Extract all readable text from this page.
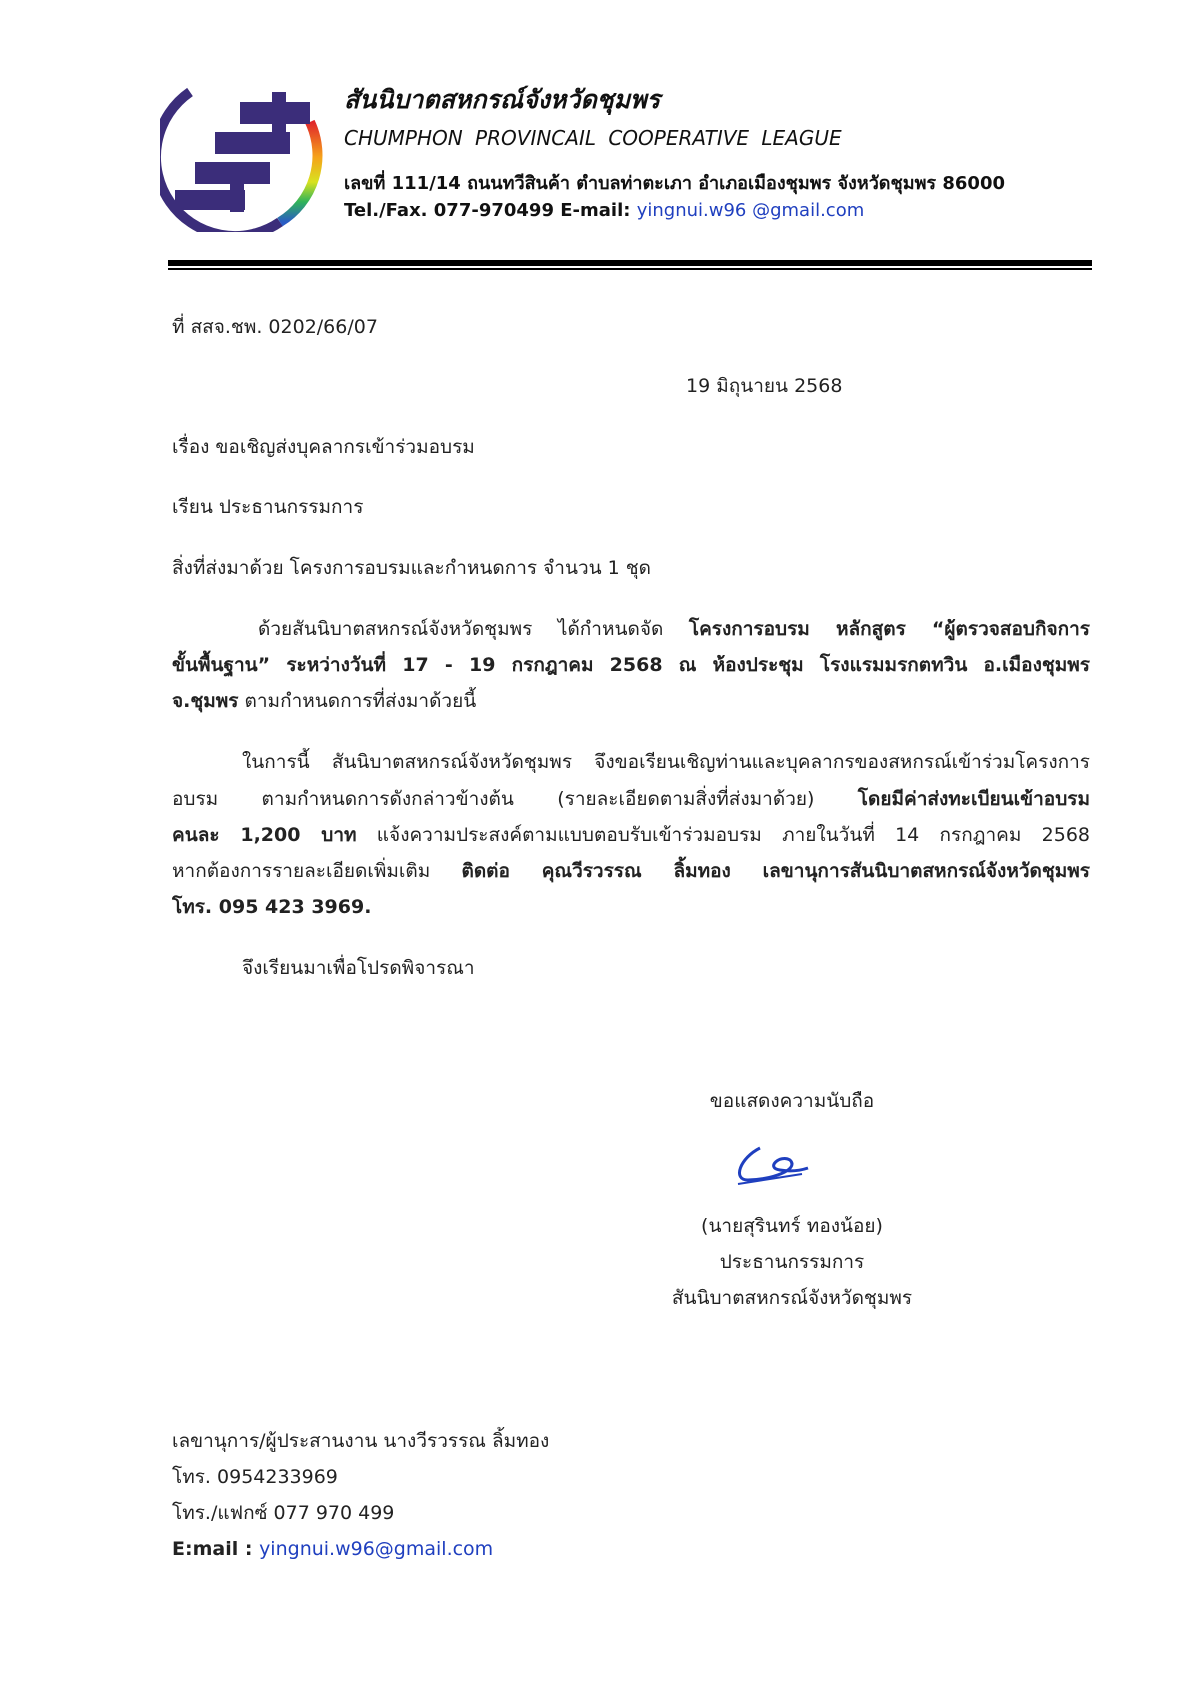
สันนิบาตสหกรณ์จังหวัดชุมพร
CHUMPHON PROVINCAIL COOPERATIVE LEAGUE
เลขที่ 111/14 ถนนทวีสินค้า ตำบลท่าตะเภา อำเภอเมืองชุมพร จังหวัดชุมพร 86000
Tel./Fax. 077-970499 E-mail: yingnui.w96 @gmail.com
ที่ สสจ.ชพ. 0202/66/07
19 มิถุนายน 2568
เรื่อง ขอเชิญส่งบุคลากรเข้าร่วมอบรม
เรียน ประธานกรรมการ
สิ่งที่ส่งมาด้วย โครงการอบรมและกำหนดการ จำนวน 1 ชุด
ด้วยสันนิบาตสหกรณ์จังหวัดชุมพร ได้กำหนดจัด โครงการอบรม หลักสูตร “ผู้ตรวจสอบกิจการ
ขั้นพื้นฐาน” ระหว่างวันที่ 17 - 19 กรกฎาคม 2568 ณ ห้องประชุม โรงแรมมรกตทวิน อ.เมืองชุมพร
จ.ชุมพร ตามกำหนดการที่ส่งมาด้วยนี้
ในการนี้ สันนิบาตสหกรณ์จังหวัดชุมพร จึงขอเรียนเชิญท่านและบุคลากรของสหกรณ์เข้าร่วมโครงการ
อบรม ตามกำหนดการดังกล่าวข้างต้น (รายละเอียดตามสิ่งที่ส่งมาด้วย) โดยมีค่าส่งทะเบียนเข้าอบรม
คนละ 1,200 บาท แจ้งความประสงค์ตามแบบตอบรับเข้าร่วมอบรม ภายในวันที่ 14 กรกฎาคม 2568
หากต้องการรายละเอียดเพิ่มเติม ติดต่อ คุณวีรวรรณ ลิ้มทอง เลขานุการสันนิบาตสหกรณ์จังหวัดชุมพร
โทร. 095 423 3969.
จึงเรียนมาเพื่อโปรดพิจารณา
ขอแสดงความนับถือ
(นายสุรินทร์ ทองน้อย)
ประธานกรรมการ
สันนิบาตสหกรณ์จังหวัดชุมพร
เลขานุการ/ผู้ประสานงาน นางวีรวรรณ ลิ้มทอง
โทร. 0954233969
โทร./แฟกซ์ 077 970 499
E:mail : yingnui.w96@gmail.com
